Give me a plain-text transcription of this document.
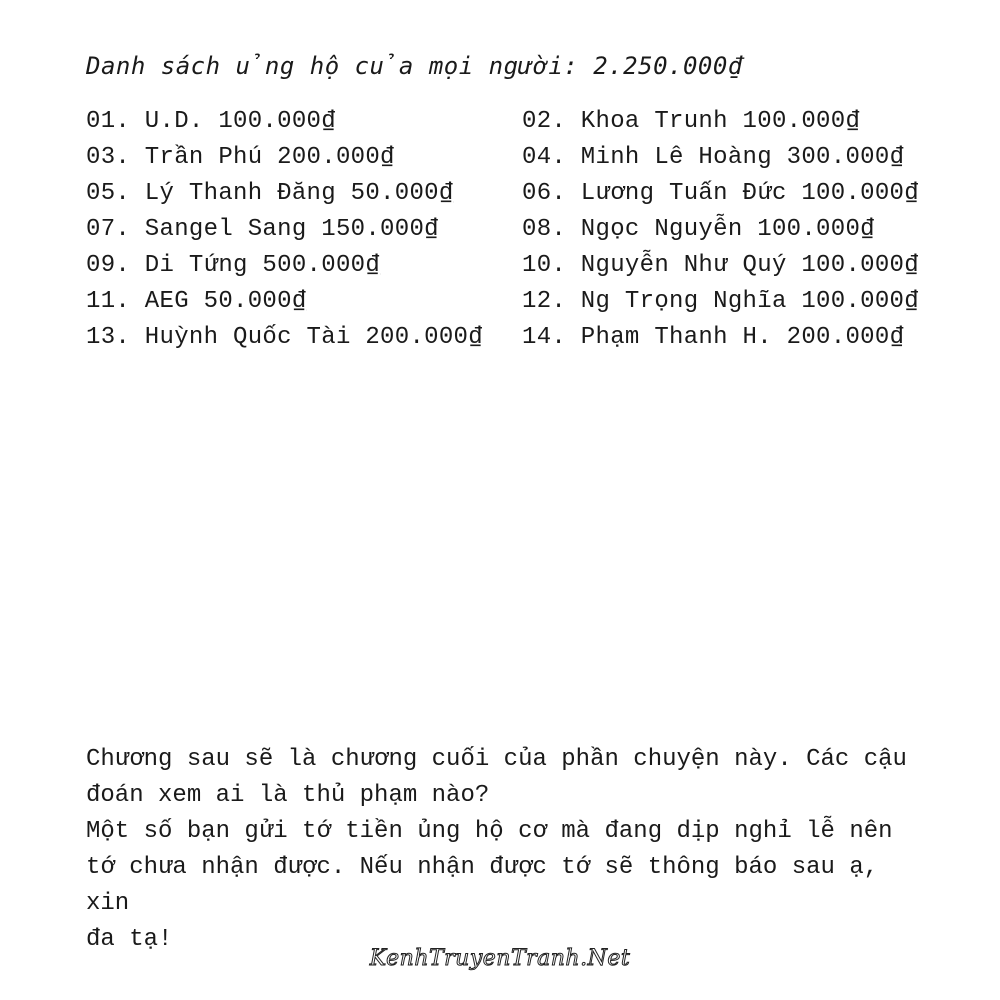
Danh sách ủng hộ của mọi người: 2.250.000₫
01. U.D. 100.000₫	02. Khoa Trunh 100.000₫
03. Trần Phú 200.000₫	04. Minh Lê Hoàng 300.000₫
05. Lý Thanh Đăng 50.000₫	06. Lương Tuấn Đức 100.000₫
07. Sangel Sang 150.000₫	08. Ngọc Nguyễn 100.000₫
09. Di Tứng 500.000₫	10. Nguyễn Như Quý 100.000₫
11. AEG 50.000₫	12. Ng Trọng Nghĩa 100.000₫
13. Huỳnh Quốc Tài 200.000₫	14. Phạm Thanh H. 200.000₫

Chương sau sẽ là chương cuối của phần chuyện này. Các cậu

đoán xem ai là thủ phạm nào?

Một số bạn gửi tớ tiền ủng hộ cơ mà đang dịp nghỉ lễ nên

tớ chưa nhận được. Nếu nhận được tớ sẽ thông báo sau ạ, xin

đa tạ!

KenhTruyenTranh.Net
